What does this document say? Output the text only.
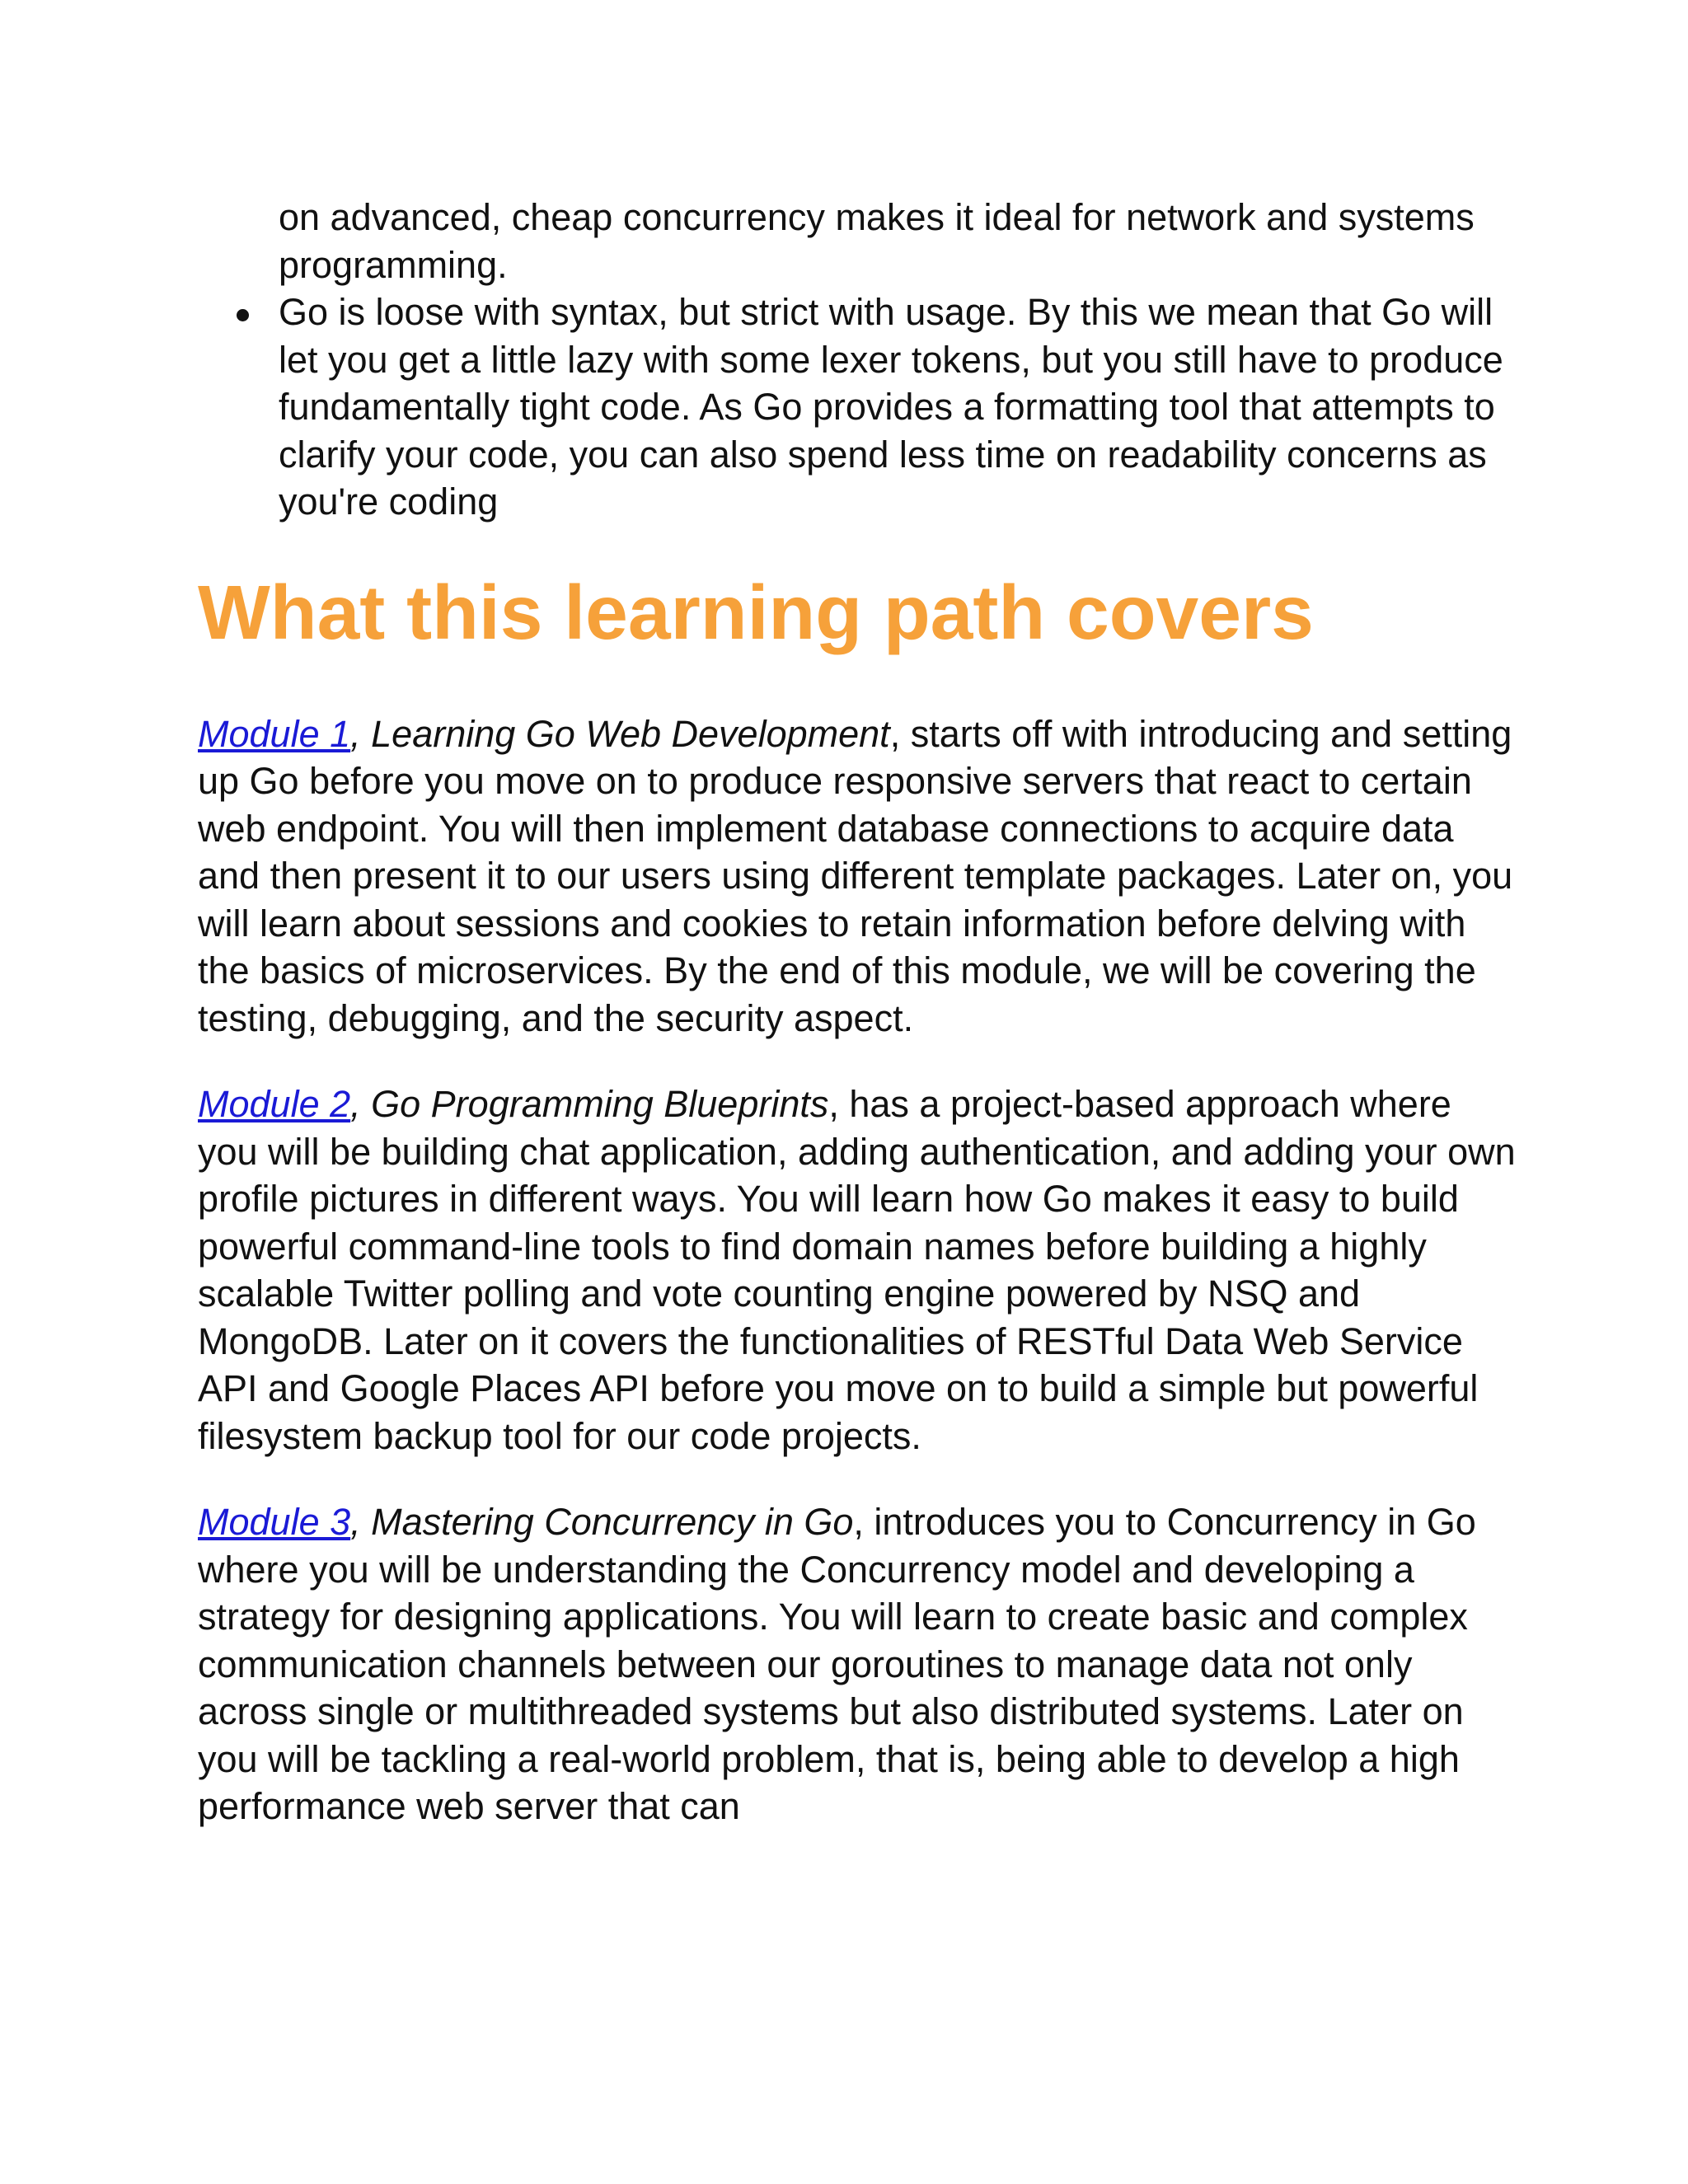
on advanced, cheap concurrency makes it ideal for network and systems programming.
Go is loose with syntax, but strict with usage. By this we mean that Go will let you get a little lazy with some lexer tokens, but you still have to produce fundamentally tight code. As Go provides a formatting tool that attempts to clarify your code, you can also spend less time on readability concerns as you're coding
What this learning path covers

Module 1, Learning Go Web Development, starts off with introducing and setting up Go before you move on to produce responsive servers that react to certain web endpoint. You will then implement database connections to acquire data and then present it to our users using different template packages. Later on, you will learn about sessions and cookies to retain information before delving with the basics of microservices. By the end of this module, we will be covering the testing, debugging, and the security aspect.

Module 2, Go Programming Blueprints, has a project-based approach where you will be building chat application, adding authentication, and adding your own profile pictures in different ways. You will learn how Go makes it easy to build powerful command-line tools to find domain names before building a highly scalable Twitter polling and vote counting engine powered by NSQ and MongoDB. Later on it covers the functionalities of RESTful Data Web Service API and Google Places API before you move on to build a simple but powerful filesystem backup tool for our code projects.

Module 3, Mastering Concurrency in Go, introduces you to Concurrency in Go where you will be understanding the Concurrency model and developing a strategy for designing applications. You will learn to create basic and complex communication channels between our goroutines to manage data not only across single or multithreaded systems but also distributed systems. Later on you will be tackling a real-world problem, that is, being able to develop a high performance web server that can
